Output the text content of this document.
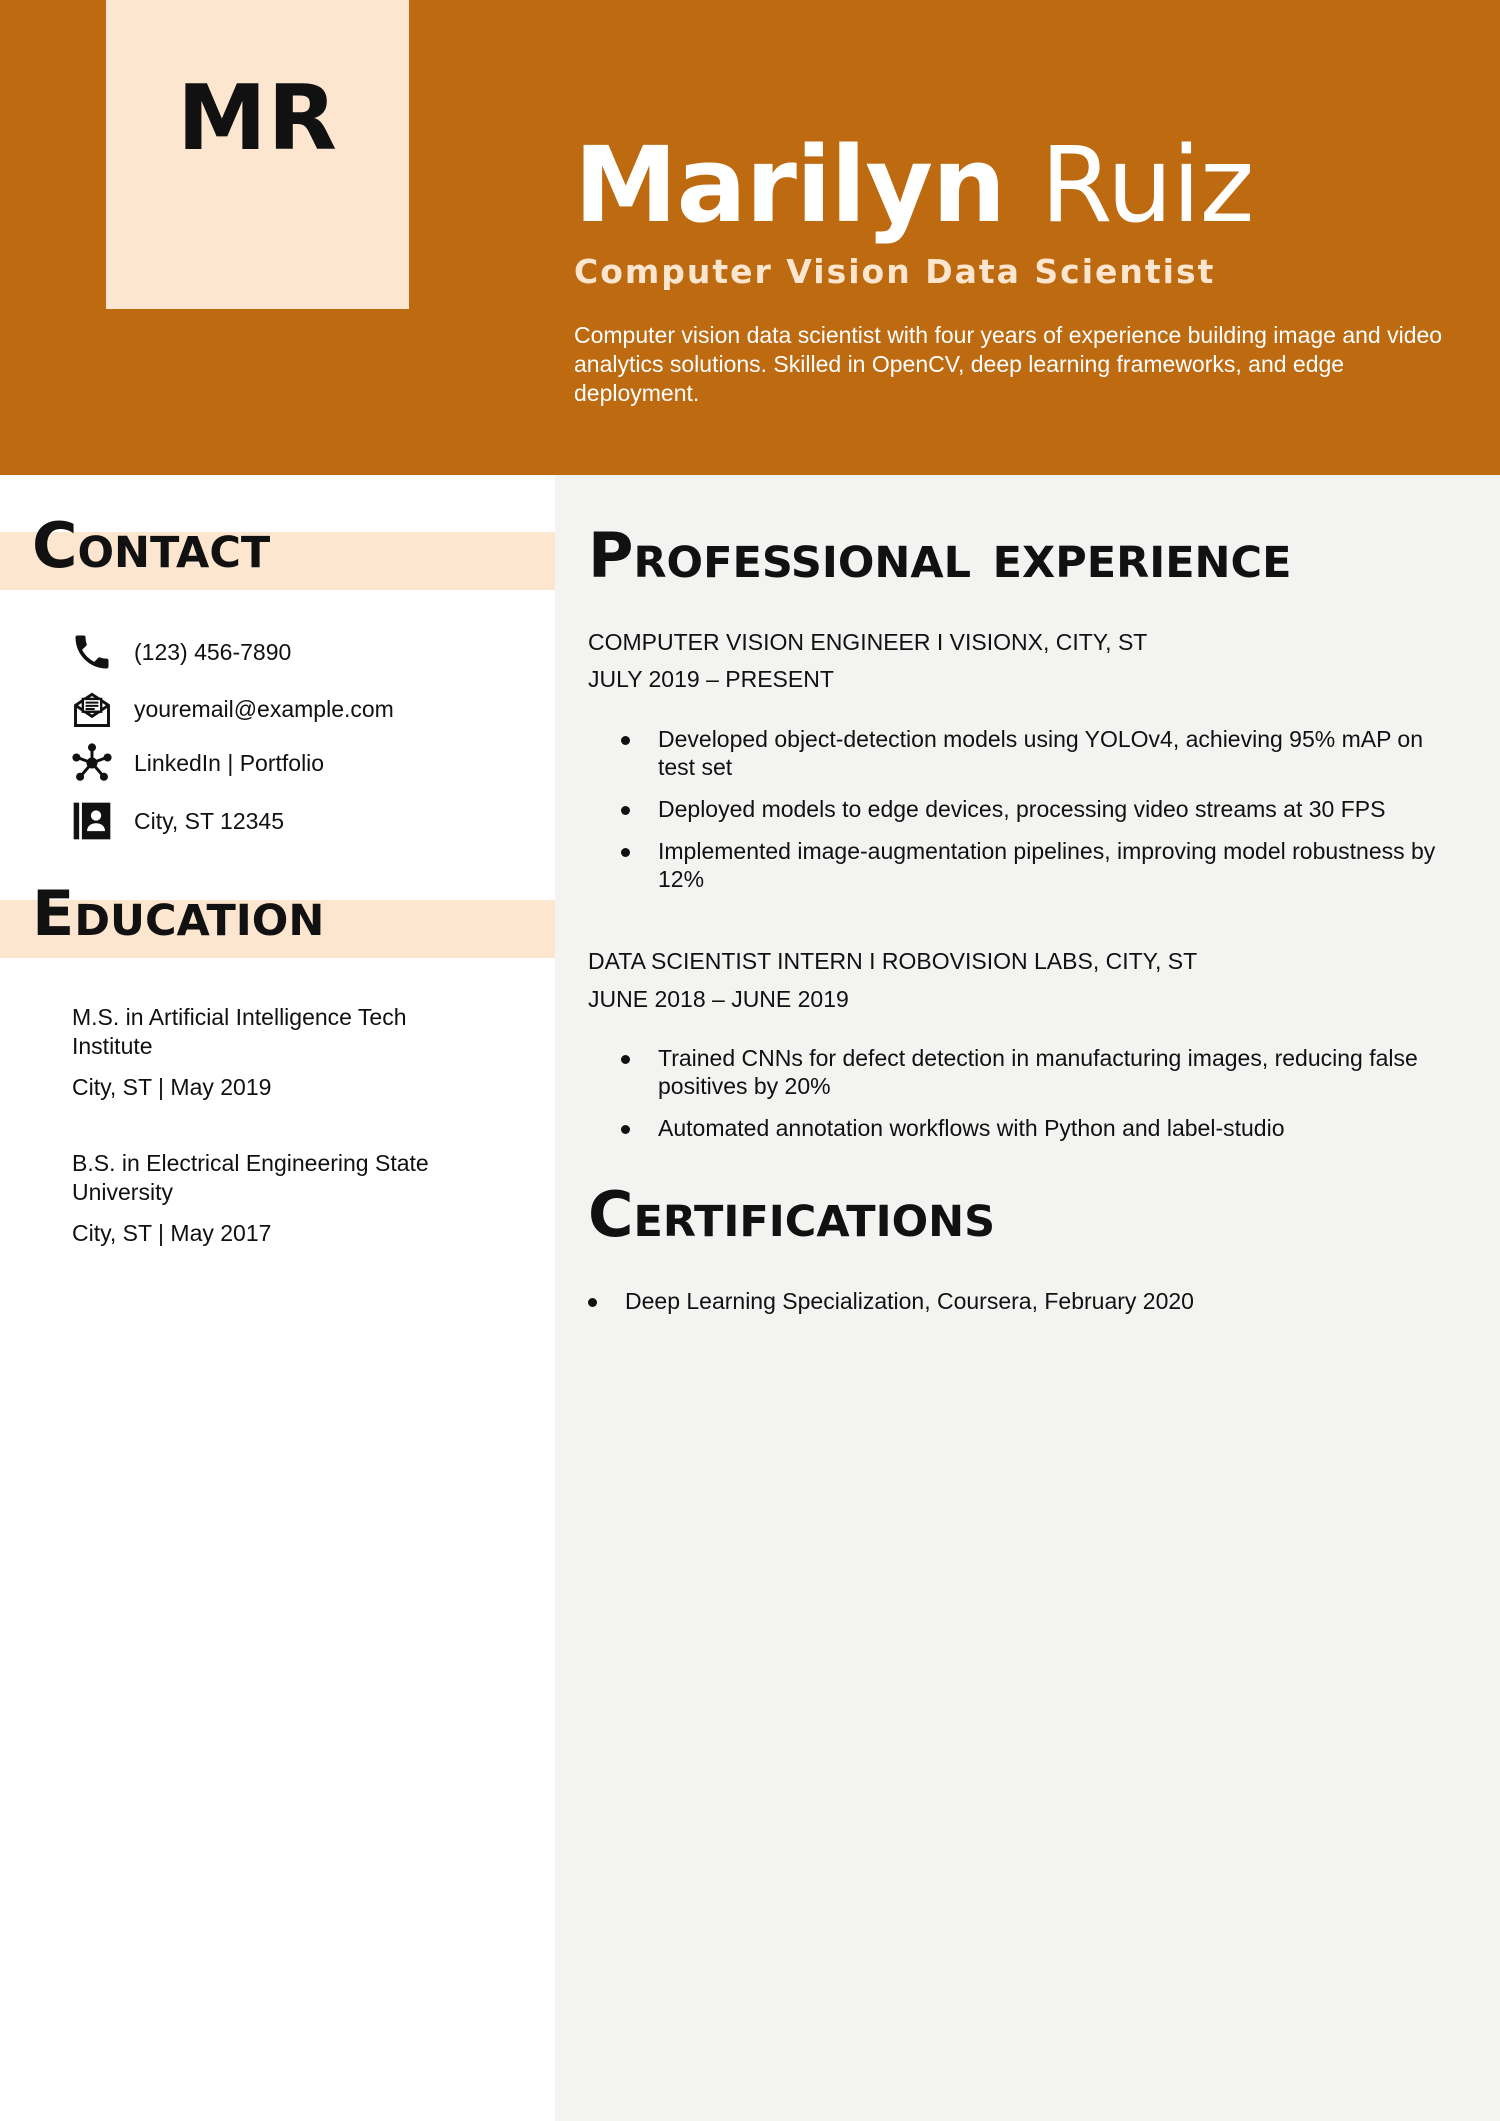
MR
Marilyn Ruiz
Computer Vision Data Scientist

Computer vision data scientist with four years of experience building image and video analytics solutions. Skilled in OpenCV, deep learning frameworks, and edge deployment.

Contact
(123) 456-7890
youremail@example.com
LinkedIn | Portfolio
City, ST 12345
Education

M.S. in Artificial Intelligence Tech Institute

City, ST | May 2019

B.S. in Electrical Engineering State University

City, ST | May 2017

Professional experience
COMPUTER VISION ENGINEER I VISIONX, CITY, ST
JULY 2019 – PRESENT
Developed object-detection models using YOLOv4, achieving 95% mAP on test set
Deployed models to edge devices, processing video streams at 30 FPS
Implemented image-augmentation pipelines, improving model robustness by 12%
DATA SCIENTIST INTERN I ROBOVISION LABS, CITY, ST
JUNE 2018 – JUNE 2019
Trained CNNs for defect detection in manufacturing images, reducing false positives by 20%
Automated annotation workflows with Python and label-studio
Certifications
Deep Learning Specialization, Coursera, February 2020
